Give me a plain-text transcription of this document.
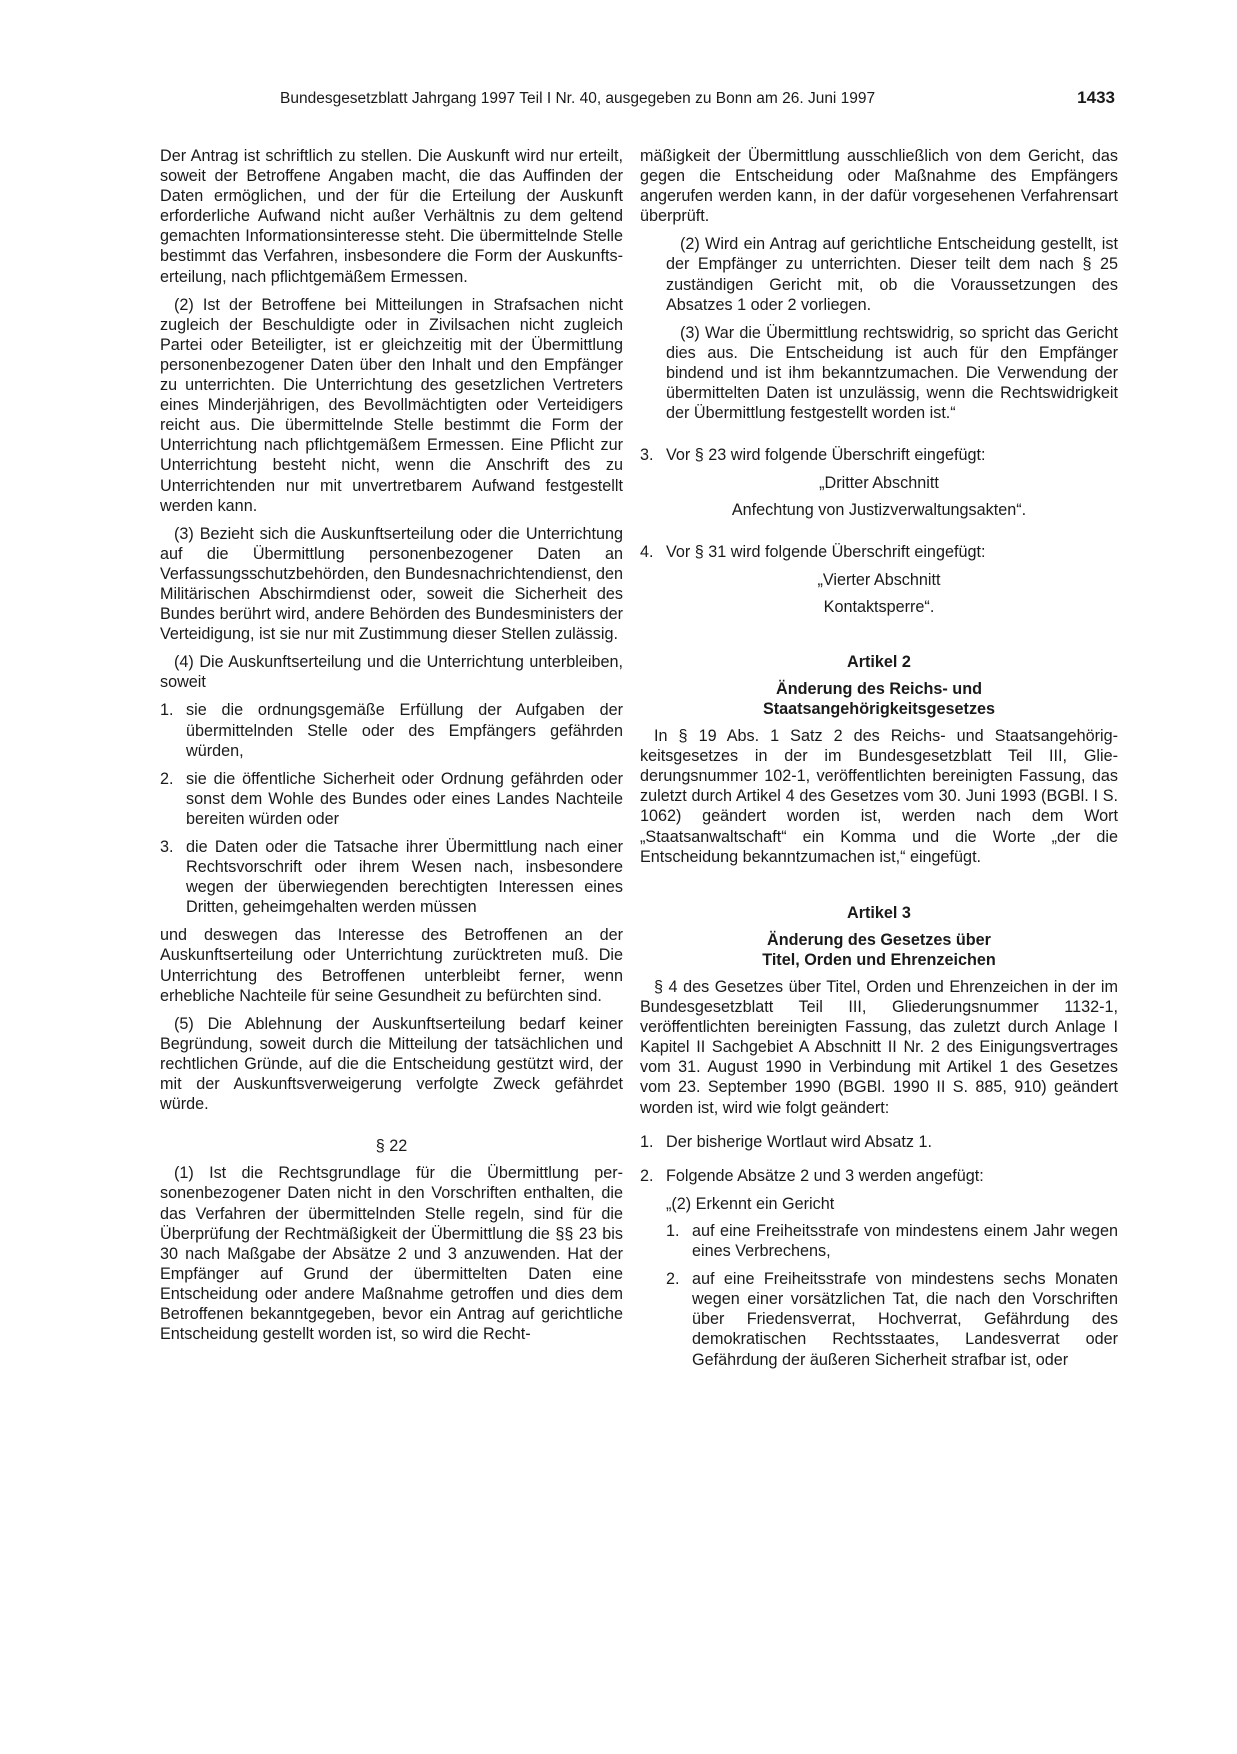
Bundesgesetzblatt Jahrgang 1997 Teil I Nr. 40, ausgegeben zu Bonn am 26. Juni 1997	1433

Der Antrag ist schriftlich zu stellen. Die Auskunft wird nur erteilt, soweit der Betroffene Angaben macht, die das Auffinden der Daten ermöglichen, und der für die Erteilung der Auskunft erforderliche Aufwand nicht außer Verhältnis zu dem geltend gemachten Informationsinteresse steht. Die übermittelnde Stelle bestimmt das Verfahren, insbesondere die Form der Auskunftserteilung, nach pflichtgemäßem Ermessen.

(2) Ist der Betroffene bei Mitteilungen in Strafsachen nicht zugleich der Beschuldigte oder in Zivilsachen nicht zugleich Partei oder Beteiligter, ist er gleichzeitig mit der Übermittlung personenbezogener Daten über den Inhalt und den Empfänger zu unterrichten. Die Unterrichtung des gesetzlichen Vertreters eines Minderjährigen, des Bevollmächtigten oder Verteidigers reicht aus. Die übermittelnde Stelle bestimmt die Form der Unterrichtung nach pflichtgemäßem Ermessen. Eine Pflicht zur Unterrichtung besteht nicht, wenn die Anschrift des zu Unterrichtenden nur mit unvertretbarem Aufwand festgestellt werden kann.

(3) Bezieht sich die Auskunftserteilung oder die Unterrichtung auf die Übermittlung personenbezogener Daten an Verfassungsschutzbehörden, den Bundesnachrichtendienst, den Militärischen Abschirmdienst oder, soweit die Sicherheit des Bundes berührt wird, andere Behörden des Bundesministers der Verteidigung, ist sie nur mit Zustimmung dieser Stellen zulässig.

(4) Die Auskunftserteilung und die Unterrichtung unterbleiben, soweit

1. sie die ordnungsgemäße Erfüllung der Aufgaben der übermittelnden Stelle oder des Empfängers gefährden würden,
2. sie die öffentliche Sicherheit oder Ordnung gefährden oder sonst dem Wohle des Bundes oder eines Landes Nachteile bereiten würden oder
3. die Daten oder die Tatsache ihrer Übermittlung nach einer Rechtsvorschrift oder ihrem Wesen nach, insbesondere wegen der überwiegenden berechtigten Interessen eines Dritten, geheimgehalten werden müssen

und deswegen das Interesse des Betroffenen an der Auskunftserteilung oder Unterrichtung zurücktreten muß. Die Unterrichtung des Betroffenen unterbleibt ferner, wenn erhebliche Nachteile für seine Gesundheit zu befürchten sind.

(5) Die Ablehnung der Auskunftserteilung bedarf keiner Begründung, soweit durch die Mitteilung der tatsächlichen und rechtlichen Gründe, auf die die Entscheidung gestützt wird, der mit der Auskunftsverweigerung verfolgte Zweck gefährdet würde.

§ 22

(1) Ist die Rechtsgrundlage für die Übermittlung personenbezogener Daten nicht in den Vorschriften enthalten, die das Verfahren der übermittelnden Stelle regeln, sind für die Überprüfung der Rechtmäßigkeit der Übermittlung die §§ 23 bis 30 nach Maßgabe der Absätze 2 und 3 anzuwenden. Hat der Empfänger auf Grund der übermittelten Daten eine Entscheidung oder andere Maßnahme getroffen und dies dem Betroffenen bekanntgegeben, bevor ein Antrag auf gerichtliche Entscheidung gestellt worden ist, so wird die Recht-

mäßigkeit der Übermittlung ausschließlich von dem Gericht, das gegen die Entscheidung oder Maßnahme des Empfängers angerufen werden kann, in der dafür vorgesehenen Verfahrensart überprüft.

(2) Wird ein Antrag auf gerichtliche Entscheidung gestellt, ist der Empfänger zu unterrichten. Dieser teilt dem nach § 25 zuständigen Gericht mit, ob die Voraussetzungen des Absatzes 1 oder 2 vorliegen.

(3) War die Übermittlung rechtswidrig, so spricht das Gericht dies aus. Die Entscheidung ist auch für den Empfänger bindend und ist ihm bekanntzumachen. Die Verwendung der übermittelten Daten ist unzulässig, wenn die Rechtswidrigkeit der Übermittlung festgestellt worden ist.“

3. Vor § 23 wird folgende Überschrift eingefügt:
„Dritter Abschnitt
Anfechtung von Justizverwaltungsakten“.
4. Vor § 31 wird folgende Überschrift eingefügt:
„Vierter Abschnitt
Kontaktsperre“.
Artikel 2
Änderung des Reichs- und
Staatsangehörigkeitsgesetzes

In § 19 Abs. 1 Satz 2 des Reichs- und Staatsangehörigkeitsgesetzes in der im Bundesgesetzblatt Teil III, Gliederungsnummer 102-1, veröffentlichten bereinigten Fassung, das zuletzt durch Artikel 4 des Gesetzes vom 30. Juni 1993 (BGBl. I S. 1062) geändert worden ist, werden nach dem Wort „Staatsanwaltschaft“ ein Komma und die Worte „der die Entscheidung bekanntzumachen ist,“ eingefügt.

Artikel 3
Änderung des Gesetzes über
Titel, Orden und Ehrenzeichen

§ 4 des Gesetzes über Titel, Orden und Ehrenzeichen in der im Bundesgesetzblatt Teil III, Gliederungsnummer 1132-1, veröffentlichten bereinigten Fassung, das zuletzt durch Anlage I Kapitel II Sachgebiet A Abschnitt II Nr. 2 des Einigungsvertrages vom 31. August 1990 in Verbindung mit Artikel 1 des Gesetzes vom 23. September 1990 (BGBl. 1990 II S. 885, 910) geändert worden ist, wird wie folgt geändert:

1. Der bisherige Wortlaut wird Absatz 1.
2. Folgende Absätze 2 und 3 werden angefügt:
„(2) Erkennt ein Gericht
1. auf eine Freiheitsstrafe von mindestens einem Jahr wegen eines Verbrechens,
2. auf eine Freiheitsstrafe von mindestens sechs Monaten wegen einer vorsätzlichen Tat, die nach den Vorschriften über Friedensverrat, Hochverrat, Gefährdung des demokratischen Rechtsstaates, Landesverrat oder Gefährdung der äußeren Sicherheit strafbar ist, oder
